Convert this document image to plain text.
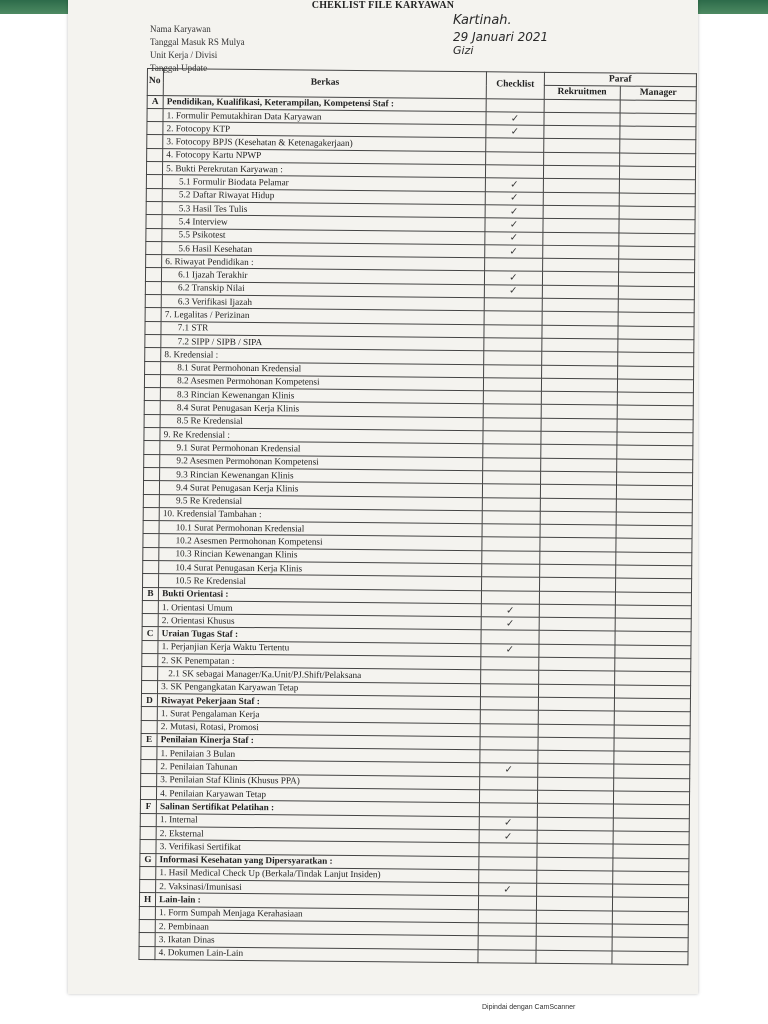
CHEKLIST FILE KARYAWAN
Nama Karyawan
Tanggal Masuk RS Mulya
Unit Kerja / Divisi
Tanggal Update
Kartinah.
29 Januari 2021
Gizi
No	Berkas	Checklist	Paraf	
			Rekruitmen	Manager
A	Pendidikan, Kualifikasi, Keterampilan, Kompetensi Staf :			
	1. Formulir Pemutakhiran Data Karyawan	✓		
	2. Fotocopy KTP	✓		
	3. Fotocopy BPJS (Kesehatan & Ketenagakerjaan)			
	4. Fotocopy Kartu NPWP			
	5. Bukti Perekrutan Karyawan :			
	5.1 Formulir Biodata Pelamar	✓		
	5.2 Daftar Riwayat Hidup	✓		
	5.3 Hasil Tes Tulis	✓		
	5.4 Interview	✓		
	5.5 Psikotest	✓		
	5.6 Hasil Kesehatan	✓		
	6. Riwayat Pendidikan :			
	6.1 Ijazah Terakhir	✓		
	6.2 Transkip Nilai	✓		
	6.3 Verifikasi Ijazah			
	7. Legalitas / Perizinan			
	7.1 STR			
	7.2 SIPP / SIPB / SIPA			
	8. Kredensial :			
	8.1 Surat Permohonan Kredensial			
	8.2 Asesmen Permohonan Kompetensi			
	8.3 Rincian Kewenangan Klinis			
	8.4 Surat Penugasan Kerja Klinis			
	8.5 Re Kredensial			
	9. Re Kredensial :			
	9.1 Surat Permohonan Kredensial			
	9.2 Asesmen Permohonan Kompetensi			
	9.3 Rincian Kewenangan Klinis			
	9.4 Surat Penugasan Kerja Klinis			
	9.5 Re Kredensial			
	10. Kredensial Tambahan :			
	10.1 Surat Permohonan Kredensial			
	10.2 Asesmen Permohonan Kompetensi			
	10.3 Rincian Kewenangan Klinis			
	10.4 Surat Penugasan Kerja Klinis			
	10.5 Re Kredensial			
B	Bukti Orientasi :			
	1. Orientasi Umum	✓		
	2. Orientasi Khusus	✓		
C	Uraian Tugas Staf :			
	1. Perjanjian Kerja Waktu Tertentu	✓		
	2. SK Penempatan :			
	2.1 SK sebagai Manager/Ka.Unit/PJ.Shift/Pelaksana			
	3. SK Pengangkatan Karyawan Tetap			
D	Riwayat Pekerjaan Staf :			
	1. Surat Pengalaman Kerja			
	2. Mutasi, Rotasi, Promosi			
E	Penilaian Kinerja Staf :			
	1. Penilaian 3 Bulan			
	2. Penilaian Tahunan	✓		
	3. Penilaian Staf Klinis (Khusus PPA)			
	4. Penilaian Karyawan Tetap			
F	Salinan Sertifikat Pelatihan :			
	1. Internal	✓		
	2. Eksternal	✓		
	3. Verifikasi Sertifikat			
G	Informasi Kesehatan yang Dipersyaratkan :			
	1. Hasil Medical Check Up (Berkala/Tindak Lanjut Insiden)			
	2. Vaksinasi/Imunisasi	✓		
H	Lain-lain :			
	1. Form Sumpah Menjaga Kerahasiaan			
	2. Pembinaan			
	3. Ikatan Dinas			
	4. Dokumen Lain-Lain			
Dipindai dengan CamScanner
